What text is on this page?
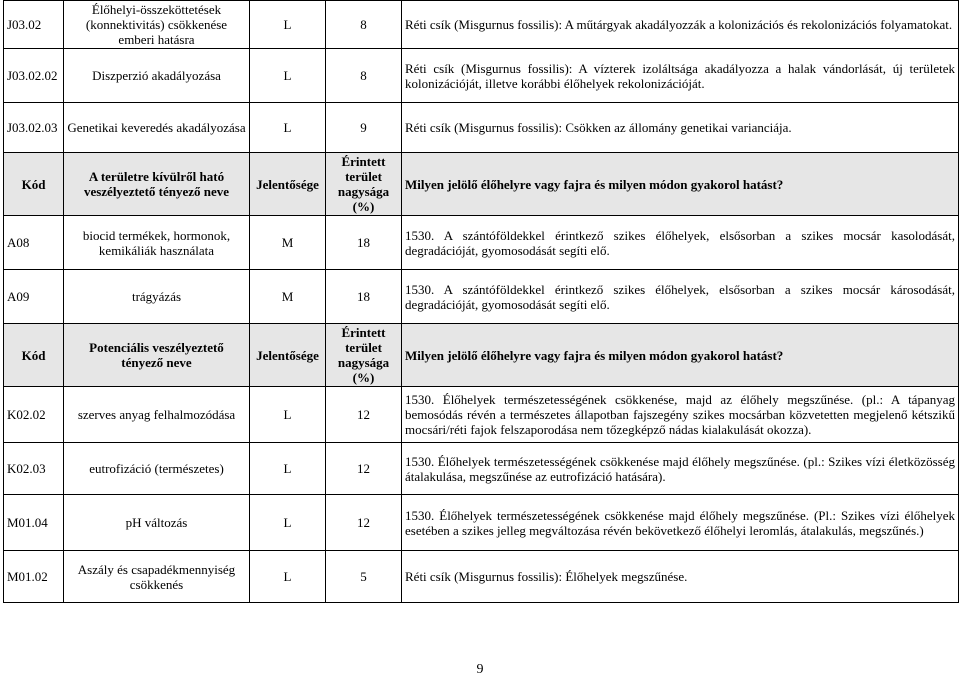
J03.02	Élőhelyi-összeköttetések (konnektivitás) csökkenése emberi hatásra	L	8	Réti csík (Misgurnus fossilis): A műtárgyak akadályozzák a kolonizációs és rekolonizációs folyamatokat.
J03.02.02	Diszperzió akadályozása	L	8	Réti csík (Misgurnus fossilis): A vízterek izoláltsága akadályozza a halak vándorlását, új területek kolonizációját, illetve korábbi élőhelyek rekolonizációját.
J03.02.03	Genetikai keveredés akadályozása	L	9	Réti csík (Misgurnus fossilis): Csökken az állomány genetikai varianciája.
Kód	A területre kívülről ható veszélyeztető tényező neve	Jelentősége	Érintett terület nagysága (%)	Milyen jelölő élőhelyre vagy fajra és milyen módon gyakorol hatást?
A08	biocid termékek, hormonok, kemikáliák használata	M	18	1530. A szántóföldekkel érintkező szikes élőhelyek, elsősorban a szikes mocsár kasolodását, degradációját, gyomosodását segíti elő.
A09	trágyázás	M	18	1530. A szántóföldekkel érintkező szikes élőhelyek, elsősorban a szikes mocsár károsodását, degradációját, gyomosodását segíti elő.
Kód	Potenciális veszélyeztető tényező neve	Jelentősége	Érintett terület nagysága (%)	Milyen jelölő élőhelyre vagy fajra és milyen módon gyakorol hatást?
K02.02	szerves anyag felhalmozódása	L	12	1530. Élőhelyek természetességének csökkenése, majd az élőhely megszűnése. (pl.: A tápanyag bemosódás révén a természetes állapotban fajszegény szikes mocsárban közvetetten megjelenő kétszikű mocsári/réti fajok felszaporodása nem tőzegképző nádas kialakulását okozza).
K02.03	eutrofizáció (természetes)	L	12	1530. Élőhelyek természetességének csökkenése majd élőhely megszűnése. (pl.: Szikes vízi életközösség átalakulása, megszűnése az eutrofizáció hatására).
M01.04	pH változás	L	12	1530. Élőhelyek természetességének csökkenése majd élőhely megszűnése. (Pl.: Szikes vízi élőhelyek esetében a szikes jelleg megváltozása révén bekövetkező élőhelyi leromlás, átalakulás, megszűnés.)
M01.02	Aszály és csapadékmennyiség csökkenés	L	5	Réti csík (Misgurnus fossilis): Élőhelyek megszűnése.
9
